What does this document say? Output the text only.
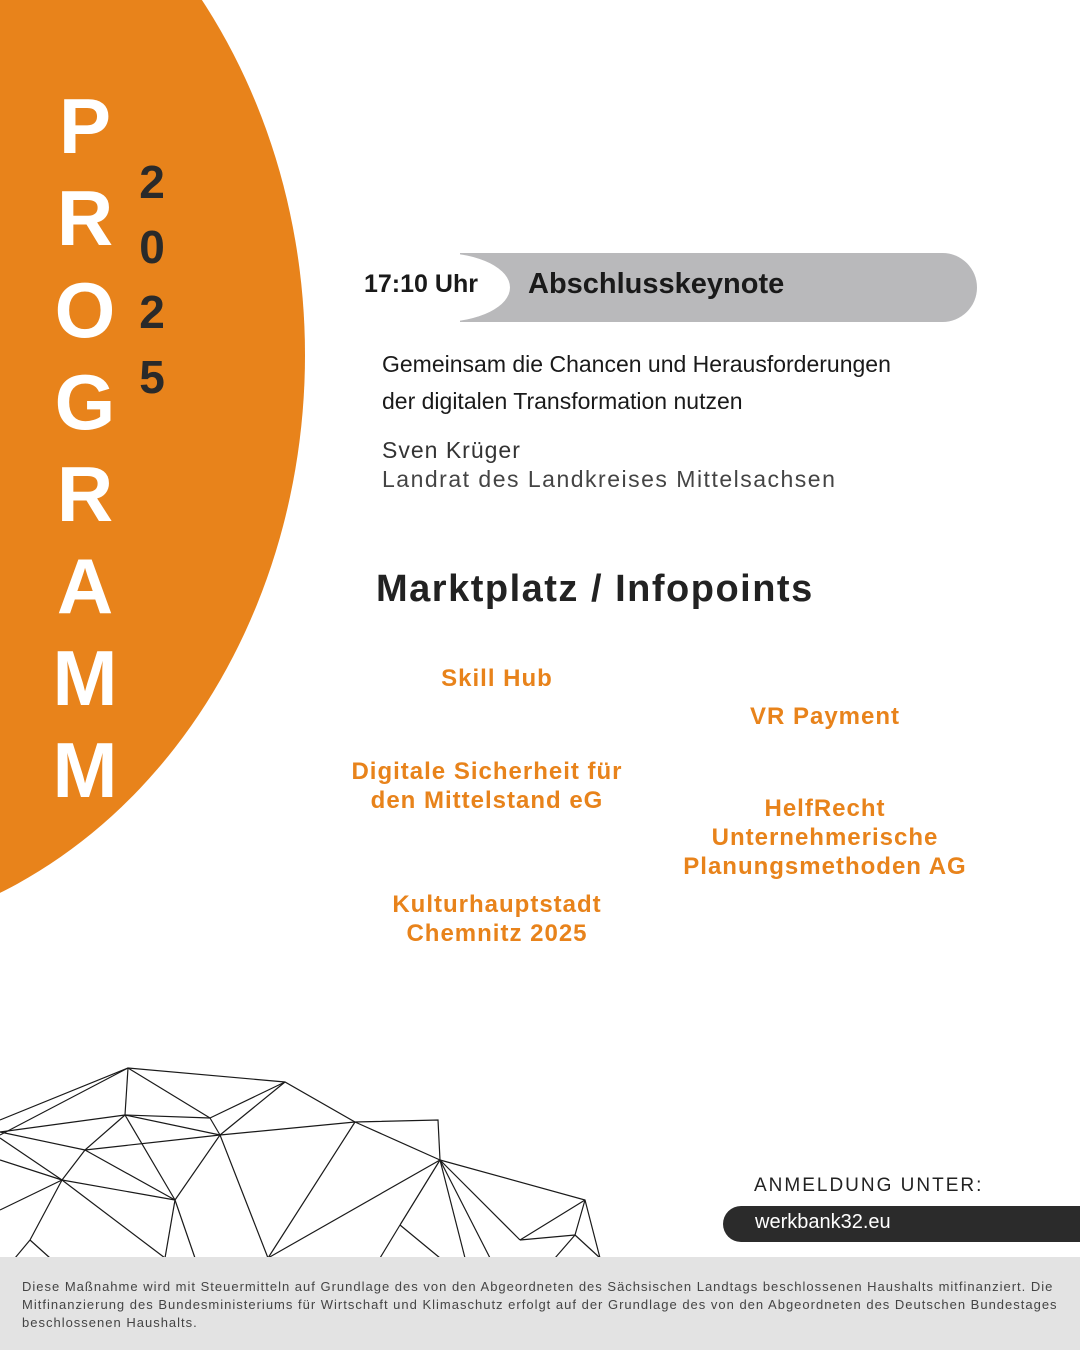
P
R
O
G
R
A
M
M
2
0
2
5
17:10 Uhr Abschlusskeynote
Gemeinsam die Chancen und Herausforderungen
der digitalen Transformation nutzen
Sven Krüger
Landrat des Landkreises Mittelsachsen
Marktplatz / Infopoints
Skill Hub
VR Payment
Digitale Sicherheit für
den Mittelstand eG	HelfRecht
Unternehmerische
Planungsmethoden AG
Kulturhauptstadt
Chemnitz 2025
ANMELDUNG UNTER:
werkbank32.eu
Diese Maßnahme wird mit Steuermitteln auf Grundlage des von den Abgeordneten des Sächsischen Landtags beschlossenen Haushalts mitfinanziert. Die Mitfinanzierung des Bundesministeriums für Wirtschaft und Klimaschutz erfolgt auf der Grundlage des von den Abgeordneten des Deutschen Bundestages beschlossenen Haushalts.
